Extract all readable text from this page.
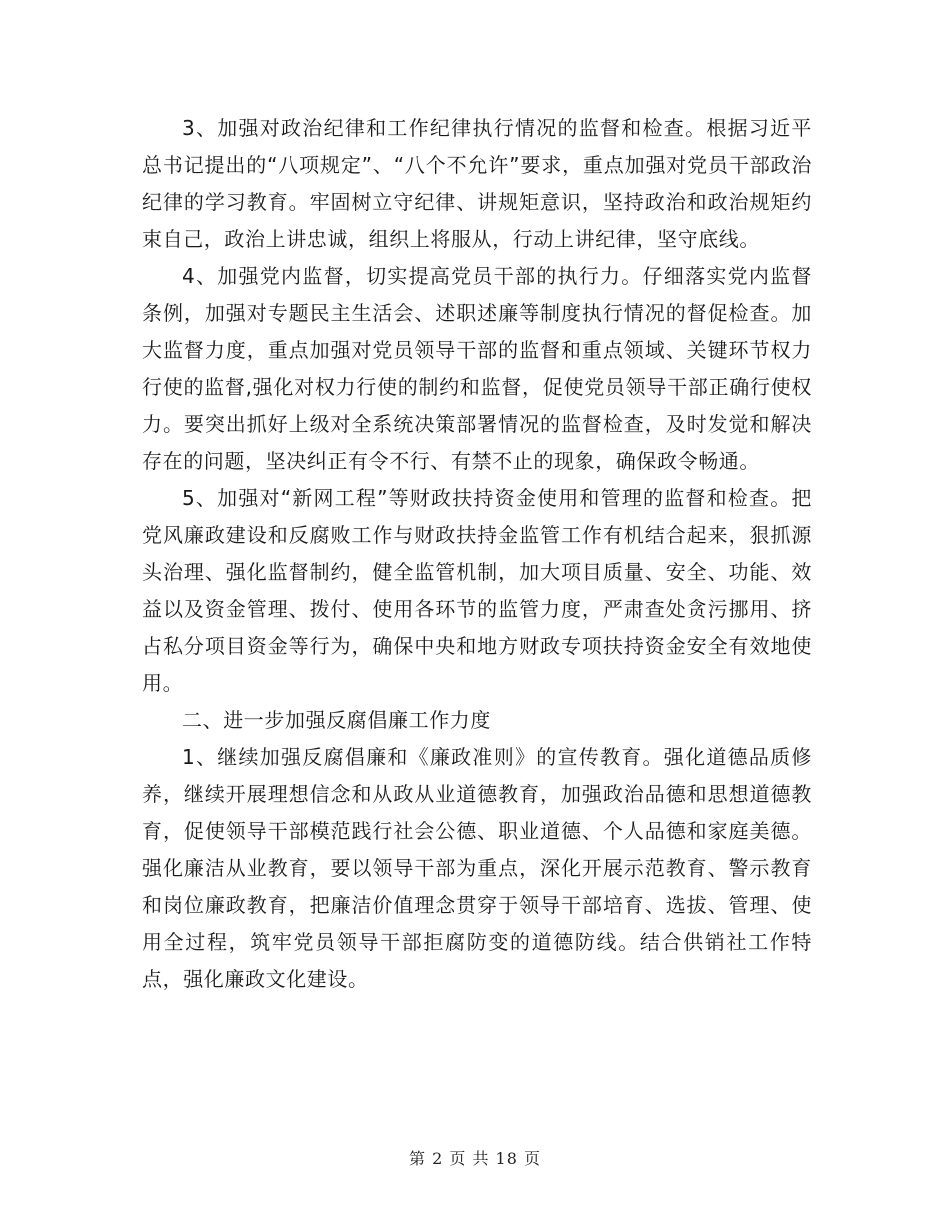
3、加强对政治纪律和工作纪律执行情况的监督和检查。根据习近平总书记提出的“八项规定”、“八个不允许”要求，重点加强对党员干部政治纪律的学习教育。牢固树立守纪律、讲规矩意识，坚持政治和政治规矩约束自己，政治上讲忠诚，组织上将服从，行动上讲纪律，坚守底线。

4、加强党内监督，切实提高党员干部的执行力。仔细落实党内监督条例，加强对专题民主生活会、述职述廉等制度执行情况的督促检查。加大监督力度，重点加强对党员领导干部的监督和重点领域、关键环节权力行使的监督,强化对权力行使的制约和监督，促使党员领导干部正确行使权力。要突出抓好上级对全系统决策部署情况的监督检查，及时发觉和解决存在的问题，坚决纠正有令不行、有禁不止的现象，确保政令畅通。

5、加强对“新网工程”等财政扶持资金使用和管理的监督和检查。把党风廉政建设和反腐败工作与财政扶持金监管工作有机结合起来，狠抓源头治理、强化监督制约，健全监管机制，加大项目质量、安全、功能、效益以及资金管理、拨付、使用各环节的监管力度，严肃查处贪污挪用、挤占私分项目资金等行为，确保中央和地方财政专项扶持资金安全有效地使用。

二、进一步加强反腐倡廉工作力度

1、继续加强反腐倡廉和《廉政准则》的宣传教育。强化道德品质修养，继续开展理想信念和从政从业道德教育，加强政治品德和思想道德教育，促使领导干部模范践行社会公德、职业道德、个人品德和家庭美德。强化廉洁从业教育，要以领导干部为重点，深化开展示范教育、警示教育和岗位廉政教育，把廉洁价值理念贯穿于领导干部培育、选拔、管理、使用全过程，筑牢党员领导干部拒腐防变的道德防线。结合供销社工作特点，强化廉政文化建设。

第 2 页 共 18 页
